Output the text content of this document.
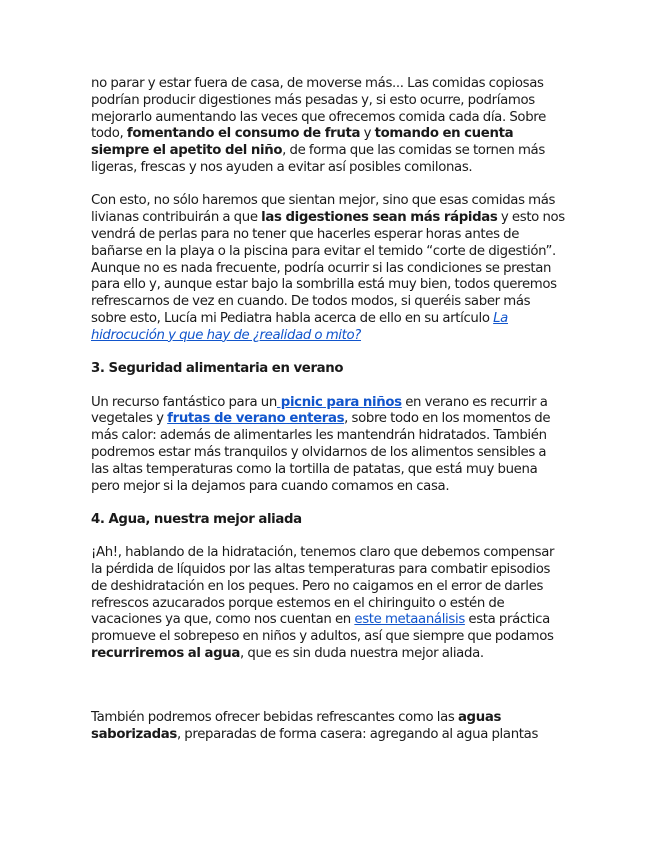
no parar y estar fuera de casa, de moverse más... Las comidas copiosas podrían producir digestiones más pesadas y, si esto ocurre, podríamos mejorarlo aumentando las veces que ofrecemos comida cada día. Sobre todo, fomentando el consumo de fruta y tomando en cuenta siempre el apetito del niño, de forma que las comidas se tornen más ligeras, frescas y nos ayuden a evitar así posibles comilonas.

Con esto, no sólo haremos que sientan mejor, sino que esas comidas más livianas contribuirán a que las digestiones sean más rápidas y esto nos vendrá de perlas para no tener que hacerles esperar horas antes de bañarse en la playa o la piscina para evitar el temido “corte de digestión”. Aunque no es nada frecuente, podría ocurrir si las condiciones se prestan para ello y, aunque estar bajo la sombrilla está muy bien, todos queremos refrescarnos de vez en cuando. De todos modos, si queréis saber más sobre esto, Lucía mi Pediatra habla acerca de ello en su artículo La hidrocución y que hay de ¿realidad o mito?

3. Seguridad alimentaria en verano

Un recurso fantástico para un picnic para niños en verano es recurrir a vegetales y frutas de verano enteras, sobre todo en los momentos de más calor: además de alimentarles les mantendrán hidratados. También podremos estar más tranquilos y olvidarnos de los alimentos sensibles a las altas temperaturas como la tortilla de patatas, que está muy buena pero mejor si la dejamos para cuando comamos en casa.

4. Agua, nuestra mejor aliada

¡Ah!, hablando de la hidratación, tenemos claro que debemos compensar la pérdida de líquidos por las altas temperaturas para combatir episodios de deshidratación en los peques. Pero no caigamos en el error de darles refrescos azucarados porque estemos en el chiringuito o estén de vacaciones ya que, como nos cuentan en este metaanálisis esta práctica promueve el sobrepeso en niños y adultos, así que siempre que podamos recurriremos al agua, que es sin duda nuestra mejor aliada.

También podremos ofrecer bebidas refrescantes como las aguas saborizadas, preparadas de forma casera: agregando al agua plantas
